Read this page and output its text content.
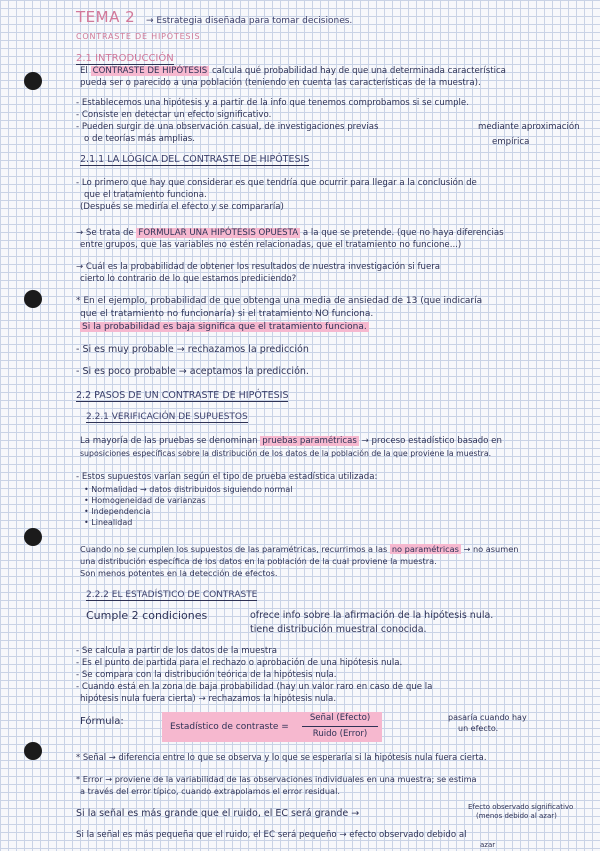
TEMA 2 → Estrategia diseñada para tomar decisiones.
CONTRASTE DE HIPÓTESIS
2.1 INTRODUCCIÓN
El CONTRASTE DE HIPÓTESIS calcula qué probabilidad hay de que una determinada característica
pueda ser o parecido a una población (teniendo en cuenta las características de la muestra).
- Establecemos una hipótesis y a partir de la info que tenemos comprobamos si se cumple.
- Consiste en detectar un efecto significativo.
- Pueden surgir de una observación casual, de investigaciones previas	mediante aproximación
o de teorías más amplias.	empírica
2.1.1 LA LÓGICA DEL CONTRASTE DE HIPÓTESIS
- Lo primero que hay que considerar es que tendría que ocurrir para llegar a la conclusión de
que el tratamiento funciona.
(Después se mediría el efecto y se compararía)
→ Se trata de FORMULAR UNA HIPÓTESIS OPUESTA a la que se pretende. (que no haya diferencias
entre grupos, que las variables no estén relacionadas, que el tratamiento no funcione...)
→ Cuál es la probabilidad de obtener los resultados de nuestra investigación si fuera
cierto lo contrario de lo que estamos prediciendo?
* En el ejemplo, probabilidad de que obtenga una media de ansiedad de 13 (que indicaría
que el tratamiento no funcionaría) si el tratamiento NO funciona.
Si la probabilidad es baja significa que el tratamiento funciona.
- Si es muy probable → rechazamos la predicción
- Si es poco probable → aceptamos la predicción.
2.2 PASOS DE UN CONTRASTE DE HIPÓTESIS
2.2.1 VERIFICACIÓN DE SUPUESTOS
La mayoría de las pruebas se denominan pruebas paramétricas → proceso estadístico basado en
suposiciones específicas sobre la distribución de los datos de la población de la que proviene la muestra.
- Estos supuestos varían según el tipo de prueba estadística utilizada:
• Normalidad → datos distribuidos siguiendo normal
• Homogeneidad de varianzas
• Independencia
• Linealidad
Cuando no se cumplen los supuestos de las paramétricas, recurrimos a las no paramétricas → no asumen
una distribución específica de los datos en la población de la cual proviene la muestra.
Son menos potentes en la detección de efectos.
2.2.2 EL ESTADÍSTICO DE CONTRASTE
Cumple 2 condiciones	ofrece info sobre la afirmación de la hipótesis nula.
tiene distribución muestral conocida.
- Se calcula a partir de los datos de la muestra
- Es el punto de partida para el rechazo o aprobación de una hipótesis nula.
- Se compara con la distribución teórica de la hipótesis nula.
- Cuando está en la zona de baja probabilidad (hay un valor raro en caso de que la
hipótesis nula fuera cierta) → rechazamos la hipótesis nula.
Fórmula:	Estadístico de contraste =
Señal (Efecto)
Ruido (Error)
pasaría cuando hay
un efecto.
* Señal → diferencia entre lo que se observa y lo que se esperaría si la hipótesis nula fuera cierta.
* Error → proviene de la variabilidad de las observaciones individuales en una muestra; se estima
a través del error típico, cuando extrapolamos el error residual.
Si la señal es más grande que el ruido, el EC será grande →
Efecto observado significativo
(menos debido al azar)
Si la señal es más pequeña que el ruido, el EC será pequeño → efecto observado debido al
azar
